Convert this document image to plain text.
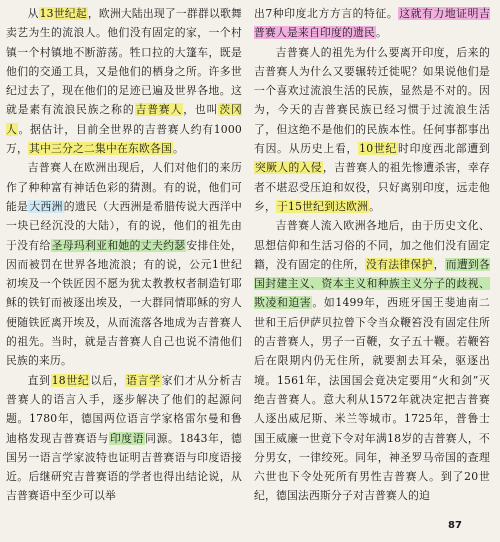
从13世纪起，欧洲大陆出现了一群群以歌舞卖艺为生的流浪人。他们没有固定的家，一个村镇一个村镇地不断游荡。牲口拉的大篷车，既是他们的交通工具，又是他们的栖身之所。许多世纪过去了，现在他们的足迹已遍及世界各地。这就是素有流浪民族之称的吉普赛人，也叫茨冈人。据估计，目前全世界的吉普赛人约有1000万，其中三分之二集中在东欧各国。

吉普赛人在欧洲出现后，人们对他们的来历作了种种富有神话色彩的猜测。有的说，他们可能是大西洲的遗民（大西洲是希腊传说大西洋中一块已经沉没的大陆），有的说，他们的祖先由于没有给圣母玛利亚和她的丈夫约瑟安排住处，因而被罚在世界各地流浪；有的说，公元1世纪初埃及一个铁匠因不愿为犹太教教权者制造钉耶稣的铁钉而被逐出埃及，一大群同情耶稣的穷人便随铁匠离开埃及，从而流落各地成为吉普赛人的祖先。当时，就是吉普赛人自己也说不清他们民族的来历。

直到18世纪以后，语言学家们才从分析吉普赛人的语言入手，逐步解决了他们的起源问题。1780年，德国两位语言学家格雷尔曼和鲁迪格发现吉普赛语与印度语同源。1843年，德国另一语言学家波特也证明吉普赛语与印度语接近。后继研究吉普赛语的学者也得出结论说，从吉普赛语中至少可以举

出7种印度北方方言的特征。这就有力地证明吉普赛人是来自印度的遗民。

吉普赛人的祖先为什么要离开印度，后来的吉普赛人为什么又要辗转迁徙呢？如果说他们是一个喜欢过流浪生活的民族，显然是不对的。因为，今天的吉普赛民族已经习惯于过流浪生活了，但这绝不是他们的民族本性。任何事都事出有因。从历史上看，10世纪时印度西北部遭到突厥人的入侵，吉普赛人的祖先惨遭杀害，幸存者不堪忍受压迫和奴役，只好离别印度，远走他乡，于15世纪到达欧洲。

吉普赛人流入欧洲各地后，由于历史文化、思想信仰和生活习俗的不同，加之他们没有固定籍，没有固定的住所，没有法律保护，而遭到各国封建主义、资本主义和种族主义分子的歧视、欺凌和迫害。如1499年，西班牙国王斐迪南二世和王后伊萨贝拉曾下令当众鞭笞没有固定住所的吉普赛人，男子一百鞭，女子五十鞭。若鞭笞后在限期内仍无住所，就要割去耳朵，驱逐出境。1561年，法国国会竟决定要用“火和剑”灭绝吉普赛人。意大利从1572年就决定把吉普赛人逐出威尼斯、米兰等城市。1725年，普鲁士国王威廉一世竟下令对年满18岁的吉普赛人，不分男女，一律绞死。同年，神圣罗马帝国的查理六世也下令处死所有男性吉普赛人。到了20世纪，德国法西斯分子对吉普赛人的迫

87
